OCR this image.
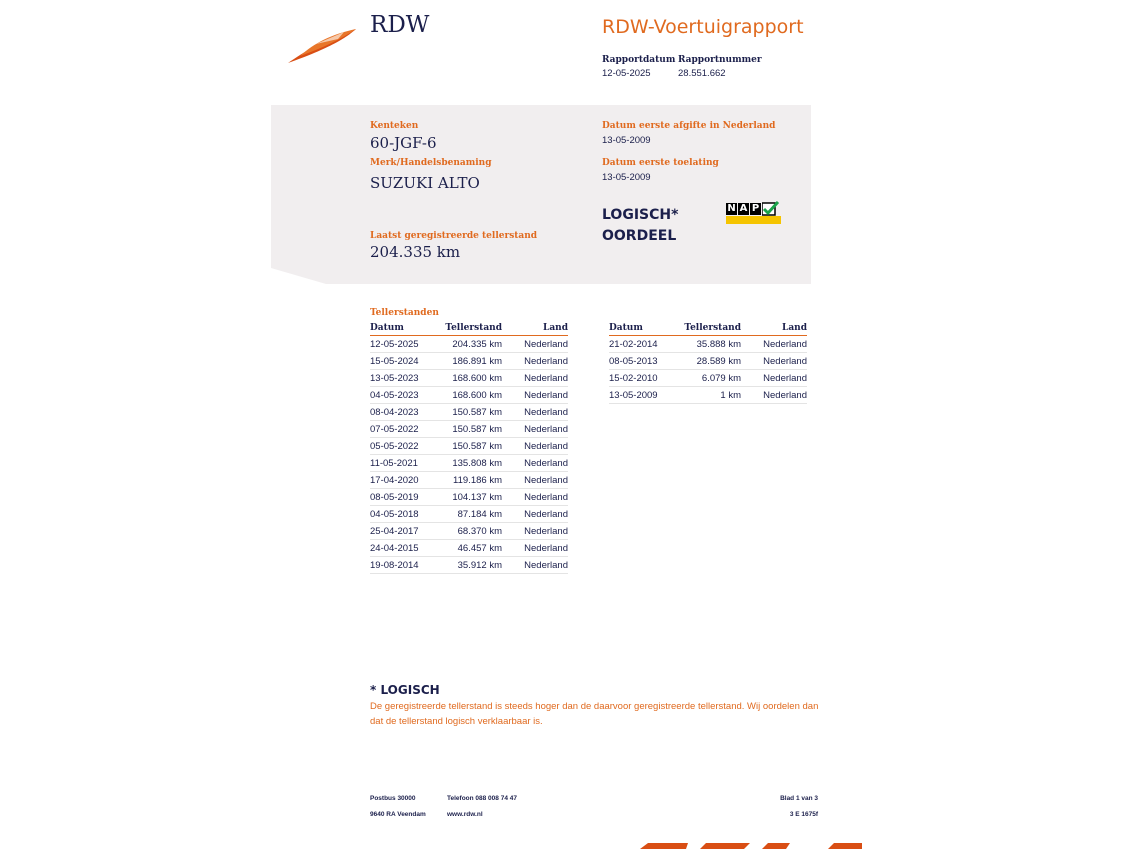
RDW	RDW-Voertuigrapport
Rapportdatum
12-05-2025
Rapportnummer
28.551.662
Kenteken
60-JGF-6
Merk/Handelsbenaming
SUZUKI ALTO
Laatst geregistreerde tellerstand
204.335 km
Datum eerste afgifte in Nederland
13-05-2009
Datum eerste toelating
13-05-2009
LOGISCH*
OORDEEL
N A P
Tellerstanden
Datum	Tellerstand	Land
12-05-2025	204.335 km	Nederland
15-05-2024	186.891 km	Nederland
13-05-2023	168.600 km	Nederland
04-05-2023	168.600 km	Nederland
08-04-2023	150.587 km	Nederland
07-05-2022	150.587 km	Nederland
05-05-2022	150.587 km	Nederland
11-05-2021	135.808 km	Nederland
17-04-2020	119.186 km	Nederland
08-05-2019	104.137 km	Nederland
04-05-2018	87.184 km	Nederland
25-04-2017	68.370 km	Nederland
24-04-2015	46.457 km	Nederland
19-08-2014	35.912 km	Nederland
Datum	Tellerstand	Land
21-02-2014	35.888 km	Nederland
08-05-2013	28.589 km	Nederland
15-02-2010	6.079 km	Nederland
13-05-2009	1 km	Nederland
* LOGISCH
De geregistreerde tellerstand is steeds hoger dan de daarvoor geregistreerde tellerstand. Wij oordelen dan dat de tellerstand logisch verklaarbaar is.
Postbus 30000
9640 RA Veendam
Telefoon 088 008 74 47
www.rdw.nl
Blad 1 van 3
3 E 1675f
